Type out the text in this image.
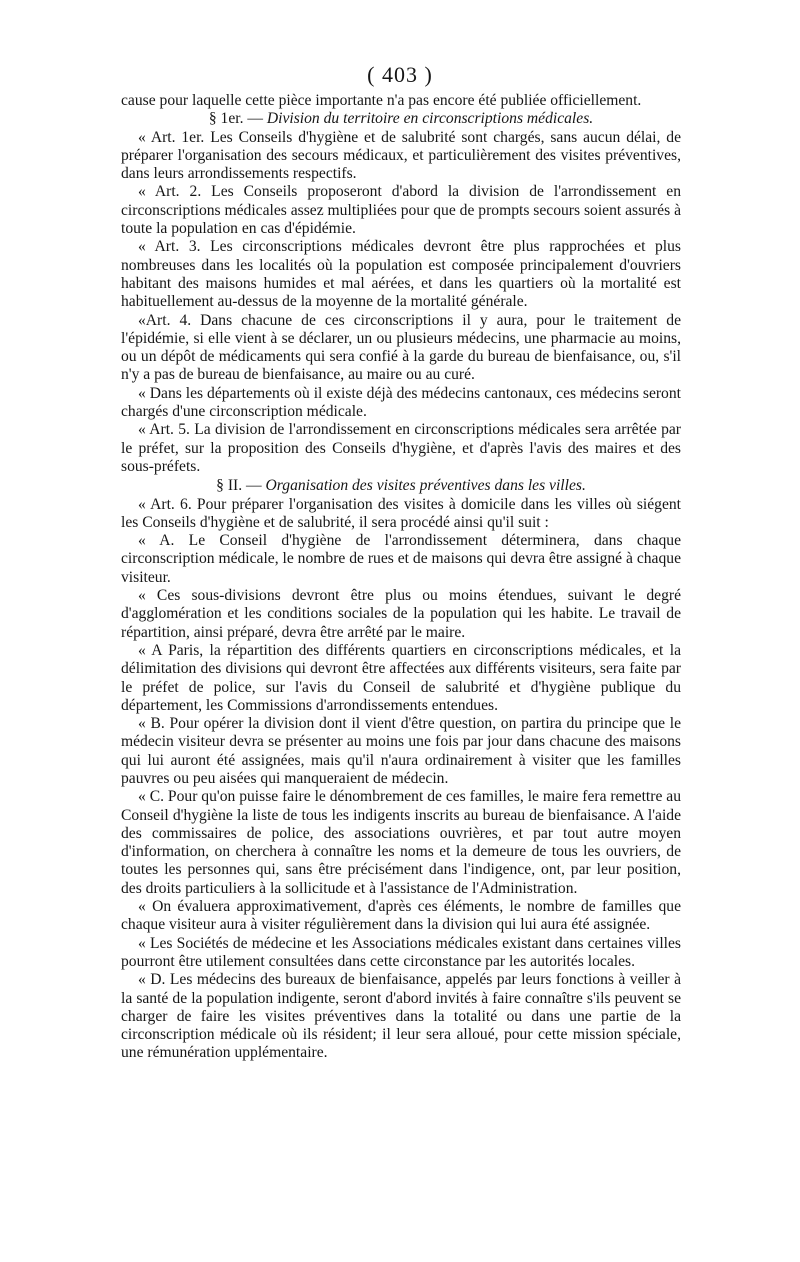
( 403 )

cause pour laquelle cette pièce importante n'a pas encore été publiée officiellement.

§ 1er. — Division du territoire en circonscriptions médicales.

« Art. 1er. Les Conseils d'hygiène et de salubrité sont chargés, sans aucun délai, de préparer l'organisation des secours médicaux, et particulièrement des visites préventives, dans leurs arrondissements respectifs.

« Art. 2. Les Conseils proposeront d'abord la division de l'arrondissement en circonscriptions médicales assez multipliées pour que de prompts secours soient assurés à toute la population en cas d'épidémie.

« Art. 3. Les circonscriptions médicales devront être plus rapprochées et plus nombreuses dans les localités où la population est composée principalement d'ouvriers habitant des maisons humides et mal aérées, et dans les quartiers où la mortalité est habituellement au-dessus de la moyenne de la mortalité générale.

«Art. 4. Dans chacune de ces circonscriptions il y aura, pour le traitement de l'épidémie, si elle vient à se déclarer, un ou plusieurs médecins, une pharmacie au moins, ou un dépôt de médicaments qui sera confié à la garde du bureau de bienfaisance, ou, s'il n'y a pas de bureau de bienfaisance, au maire ou au curé.

« Dans les départements où il existe déjà des médecins cantonaux, ces médecins seront chargés d'une circonscription médicale.

« Art. 5. La division de l'arrondissement en circonscriptions médicales sera arrêtée par le préfet, sur la proposition des Conseils d'hygiène, et d'après l'avis des maires et des sous-préfets.

§ II. — Organisation des visites préventives dans les villes.

« Art. 6. Pour préparer l'organisation des visites à domicile dans les villes où siégent les Conseils d'hygiène et de salubrité, il sera procédé ainsi qu'il suit :

« A. Le Conseil d'hygiène de l'arrondissement déterminera, dans chaque circonscription médicale, le nombre de rues et de maisons qui devra être assigné à chaque visiteur.

« Ces sous-divisions devront être plus ou moins étendues, suivant le degré d'agglomération et les conditions sociales de la population qui les habite. Le travail de répartition, ainsi préparé, devra être arrêté par le maire.

« A Paris, la répartition des différents quartiers en circonscriptions médicales, et la délimitation des divisions qui devront être affectées aux différents visiteurs, sera faite par le préfet de police, sur l'avis du Conseil de salubrité et d'hygiène publique du département, les Commissions d'arrondissements entendues.

« B. Pour opérer la division dont il vient d'être question, on partira du principe que le médecin visiteur devra se présenter au moins une fois par jour dans chacune des maisons qui lui auront été assignées, mais qu'il n'aura ordinairement à visiter que les familles pauvres ou peu aisées qui manqueraient de médecin.

« C. Pour qu'on puisse faire le dénombrement de ces familles, le maire fera remettre au Conseil d'hygiène la liste de tous les indigents inscrits au bureau de bienfaisance. A l'aide des commissaires de police, des associations ouvrières, et par tout autre moyen d'information, on cherchera à connaître les noms et la demeure de tous les ouvriers, de toutes les personnes qui, sans être précisément dans l'indigence, ont, par leur position, des droits particuliers à la sollicitude et à l'assistance de l'Administration.

« On évaluera approximativement, d'après ces éléments, le nombre de familles que chaque visiteur aura à visiter régulièrement dans la division qui lui aura été assignée.

« Les Sociétés de médecine et les Associations médicales existant dans certaines villes pourront être utilement consultées dans cette circonstance par les autorités locales.

« D. Les médecins des bureaux de bienfaisance, appelés par leurs fonctions à veiller à la santé de la population indigente, seront d'abord invités à faire connaître s'ils peuvent se charger de faire les visites préventives dans la totalité ou dans une partie de la circonscription médicale où ils résident; il leur sera alloué, pour cette mission spéciale, une rémunération upplémentaire.
